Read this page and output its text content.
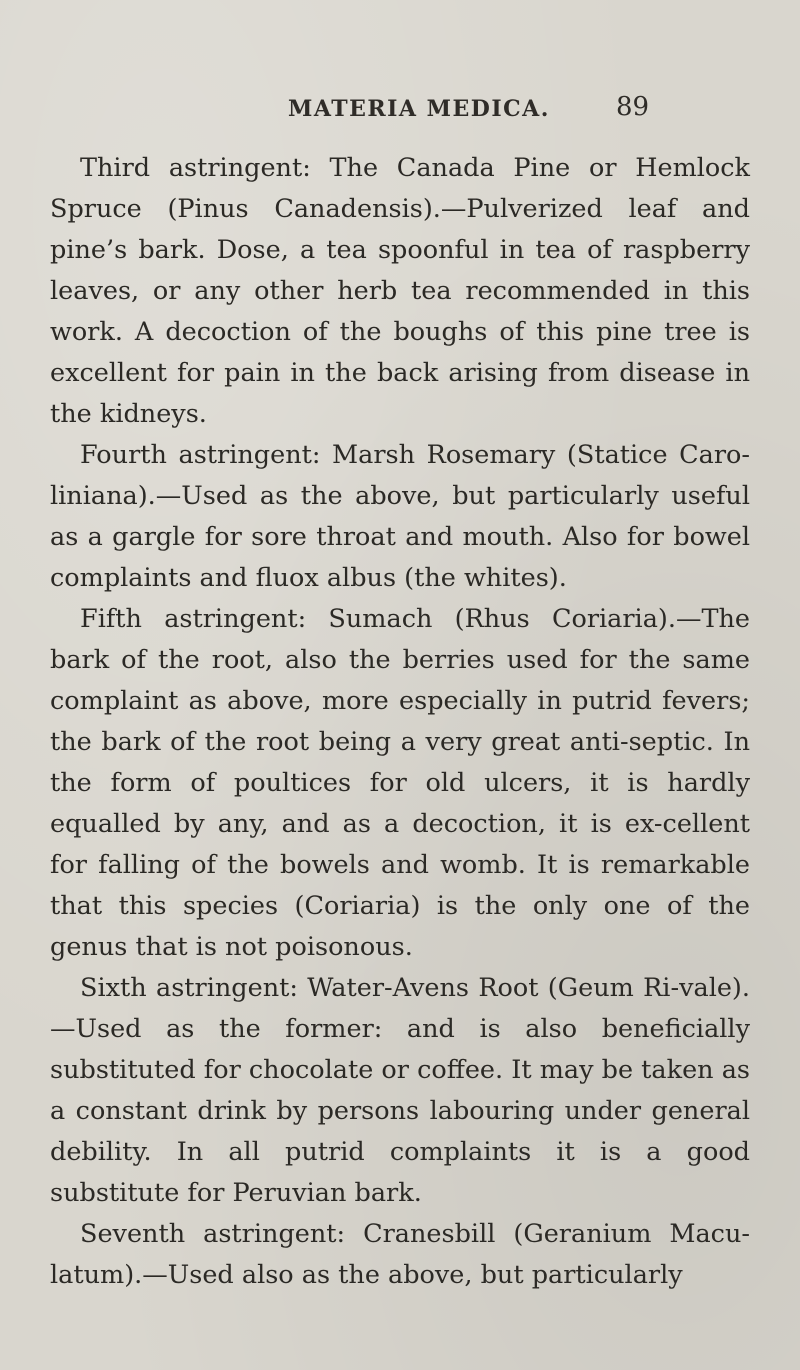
MATERIA MEDICA.	89

Third astringent: The Canada Pine or Hemlock Spruce (Pinus Canadensis).—Pulverized leaf and pine’s bark. Dose, a tea spoonful in tea of raspberry leaves, or any other herb tea recommended in this work. A decoction of the boughs of this pine tree is excellent for pain in the back arising from disease in the kidneys.

Fourth astringent: Marsh Rosemary (Statice Caro-liniana).—Used as the above, but particularly useful as a gargle for sore throat and mouth. Also for bowel complaints and fluox albus (the whites).

Fifth astringent: Sumach (Rhus Coriaria).—The bark of the root, also the berries used for the same complaint as above, more especially in putrid fevers; the bark of the root being a very great anti-septic. In the form of poultices for old ulcers, it is hardly equalled by any, and as a decoction, it is ex-cellent for falling of the bowels and womb. It is remarkable that this species (Coriaria) is the only one of the genus that is not poisonous.

Sixth astringent: Water-Avens Root (Geum Ri-vale).—Used as the former: and is also beneficially substituted for chocolate or coffee. It may be taken as a constant drink by persons labouring under general debility. In all putrid complaints it is a good substitute for Peruvian bark.

Seventh astringent: Cranesbill (Geranium Macu-latum).—Used also as the above, but particularly
